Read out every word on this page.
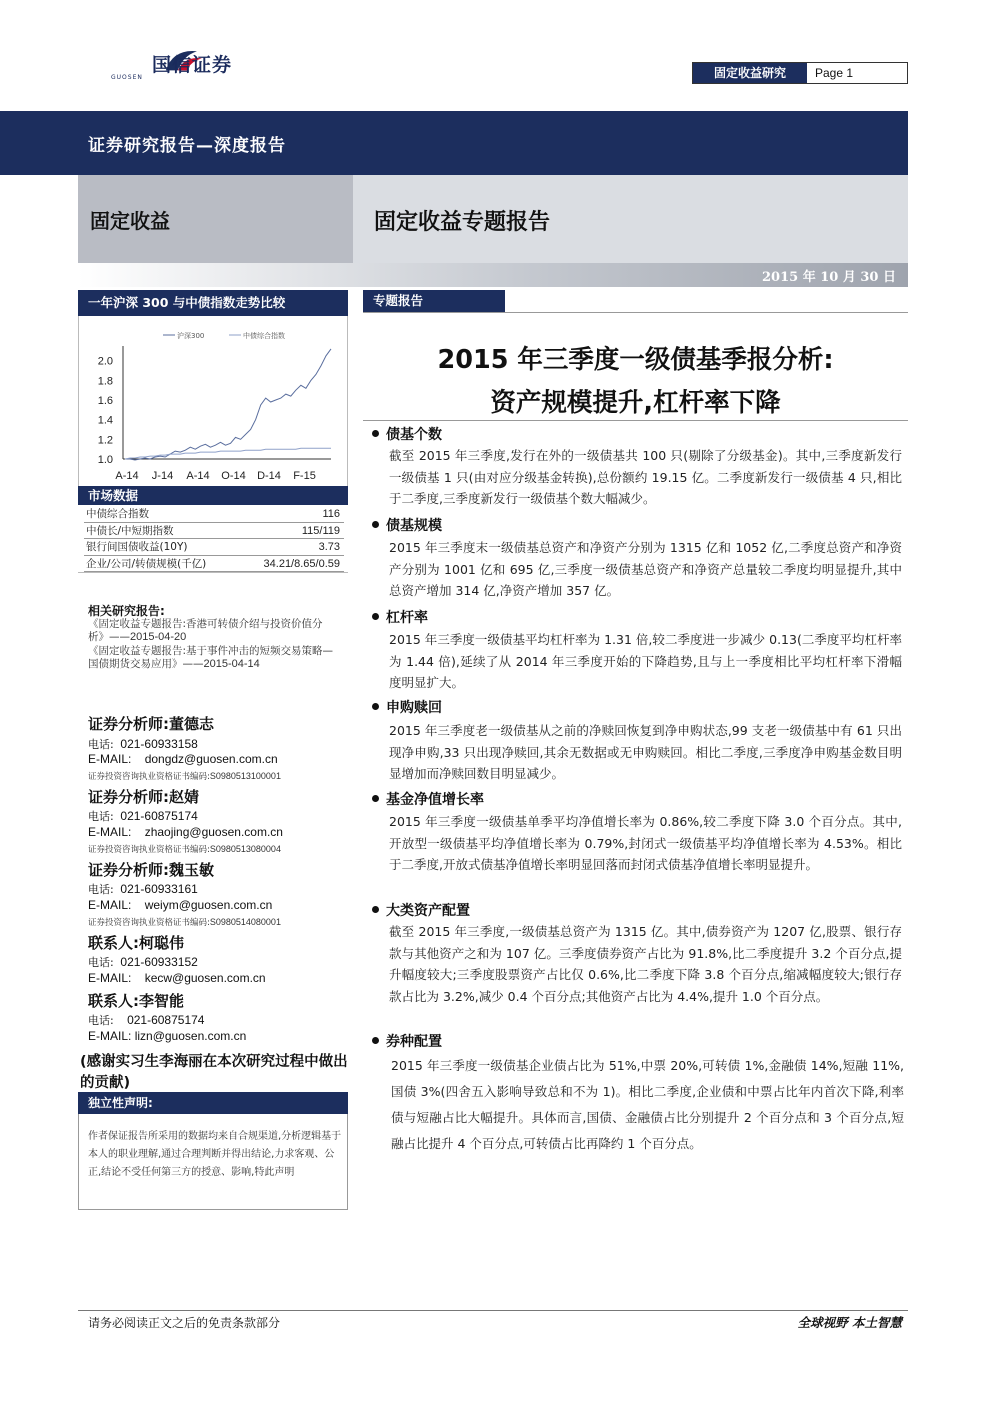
国信证券
GUOSEN	固定收益研究	Page 1
证券研究报告—深度报告
固定收益	固定收益专题报告
2015 年 10 月 30 日
一年沪深 300 与中债指数走势比较
沪深300	中债综合指数
1.0
1.2
1.4
1.6
1.8
2.0
A-14 J-14 A-14 O-14 D-14 F-15
市场数据
中债综合指数	116
中债长/中短期指数	115/119
银行间国债收益(10Y)	3.73
企业/公司/转债规模(千亿)	34.21/8.65/0.59
相关研究报告:
《固定收益专题报告:香港可转债介绍与投资价值分析》——2015-04-20
《固定收益专题报告:基于事件冲击的短频交易策略—国债期货交易应用》——2015-04-14
证券分析师:董德志
电话: 021-60933158
E-MAIL: dongdz@guosen.com.cn
证券投资咨询执业资格证书编码:S0980513100001
证券分析师:赵婧
电话: 021-60875174
E-MAIL: zhaojing@guosen.com.cn
证券投资咨询执业资格证书编码:S0980513080004
证券分析师:魏玉敏
电话: 021-60933161
E-MAIL: weiym@guosen.com.cn
证券投资咨询执业资格证书编码:S0980514080001
联系人:柯聪伟
电话: 021-60933152
E-MAIL: kecw@guosen.com.cn
联系人:李智能
电话: 021-60875174
E-MAIL: lizn@guosen.com.cn
(感谢实习生李海丽在本次研究过程中做出的贡献)
独立性声明:
作者保证报告所采用的数据均来自合规渠道,分析逻辑基于本人的职业理解,通过合理判断并得出结论,力求客观、公正,结论不受任何第三方的授意、影响,特此声明
专题报告
2015 年三季度一级债基季报分析:
资产规模提升,杠杆率下降
债基个数
截至 2015 年三季度,发行在外的一级债基共 100 只(剔除了分级基金)。其中,三季度新发行一级债基 1 只(由对应分级基金转换),总份额约 19.15 亿。二季度新发行一级债基 4 只,相比于二季度,三季度新发行一级债基个数大幅减少。
债基规模
2015 年三季度末一级债基总资产和净资产分别为 1315 亿和 1052 亿,二季度总资产和净资产分别为 1001 亿和 695 亿,三季度一级债基总资产和净资产总量较二季度均明显提升,其中总资产增加 314 亿,净资产增加 357 亿。
杠杆率
2015 年三季度一级债基平均杠杆率为 1.31 倍,较二季度进一步减少 0.13(二季度平均杠杆率为 1.44 倍),延续了从 2014 年三季度开始的下降趋势,且与上一季度相比平均杠杆率下滑幅度明显扩大。
申购赎回
2015 年三季度老一级债基从之前的净赎回恢复到净申购状态,99 支老一级债基中有 61 只出现净申购,33 只出现净赎回,其余无数据或无申购赎回。相比二季度,三季度净申购基金数目明显增加而净赎回数目明显减少。
基金净值增长率
2015 年三季度一级债基单季平均净值增长率为 0.86%,较二季度下降 3.0 个百分点。其中,开放型一级债基平均净值增长率为 0.79%,封闭式一级债基平均净值增长率为 4.53%。相比于二季度,开放式债基净值增长率明显回落而封闭式债基净值增长率明显提升。
大类资产配置
截至 2015 年三季度,一级债基总资产为 1315 亿。其中,债券资产为 1207 亿,股票、银行存款与其他资产之和为 107 亿。三季度债券资产占比为 91.8%,比二季度提升 3.2 个百分点,提升幅度较大;三季度股票资产占比仅 0.6%,比二季度下降 3.8 个百分点,缩减幅度较大;银行存款占比为 3.2%,减少 0.4 个百分点;其他资产占比为 4.4%,提升 1.0 个百分点。
券种配置
2015 年三季度一级债基企业债占比为 51%,中票 20%,可转债 1%,金融债 14%,短融 11%,国债 3%(四舍五入影响导致总和不为 1)。相比二季度,企业债和中票占比年内首次下降,利率债与短融占比大幅提升。具体而言,国债、金融债占比分别提升 2 个百分点和 3 个百分点,短融占比提升 4 个百分点,可转债占比再降约 1 个百分点。
请务必阅读正文之后的免责条款部分	全球视野 本土智慧
